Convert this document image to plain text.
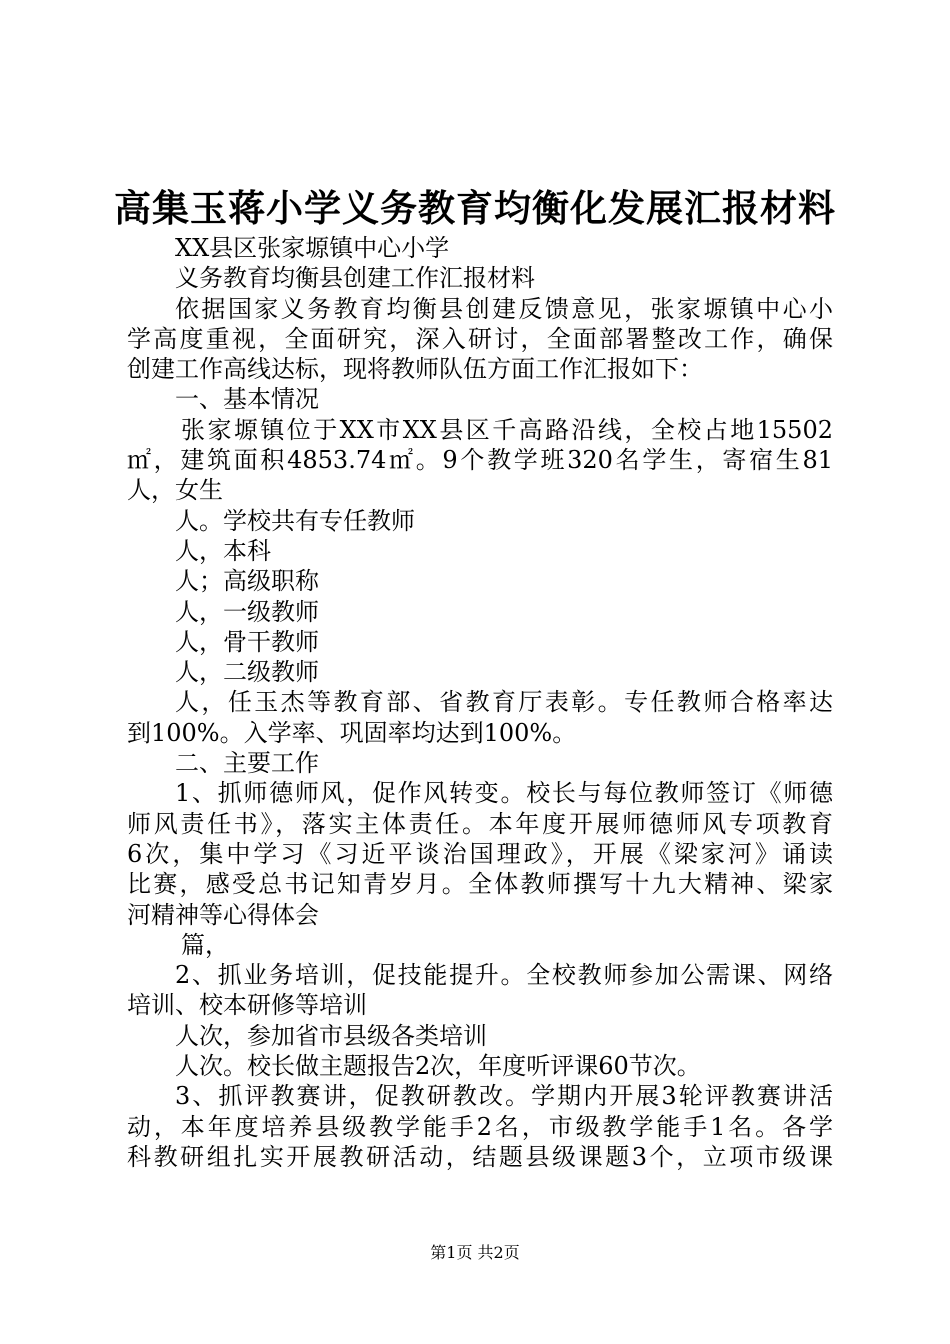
高集玉蒋小学义务教育均衡化发展汇报材料
XX县区张家塬镇中心小学
义务教育均衡县创建工作汇报材料
依据国家义务教育均衡县创建反馈意见，张家塬镇中心小
学高度重视，全面研究，深入研讨，全面部署整改工作，确保
创建工作高线达标，现将教师队伍方面工作汇报如下：
一、基本情况
张家塬镇位于XX市XX县区千高路沿线，全校占地15502
㎡，建筑面积4853.74㎡。9个教学班320名学生，寄宿生81
人，女生
人。学校共有专任教师
人，本科
人；高级职称
人，一级教师
人，骨干教师
人，二级教师
人，任玉杰等教育部、省教育厅表彰。专任教师合格率达
到100%。入学率、巩固率均达到100%。
二、主要工作
1、抓师德师风，促作风转变。校长与每位教师签订《师德
师风责任书》，落实主体责任。本年度开展师德师风专项教育
6次，集中学习《习近平谈治国理政》，开展《梁家河》诵读
比赛，感受总书记知青岁月。全体教师撰写十九大精神、梁家
河精神等心得体会
篇，
2、抓业务培训，促技能提升。全校教师参加公需课、网络
培训、校本研修等培训
人次，参加省市县级各类培训
人次。校长做主题报告2次，年度听评课60节次。
3、抓评教赛讲，促教研教改。学期内开展3轮评教赛讲活
动，本年度培养县级教学能手2名，市级教学能手1名。各学
科教研组扎实开展教研活动，结题县级课题3个，立项市级课
第1页 共2页
